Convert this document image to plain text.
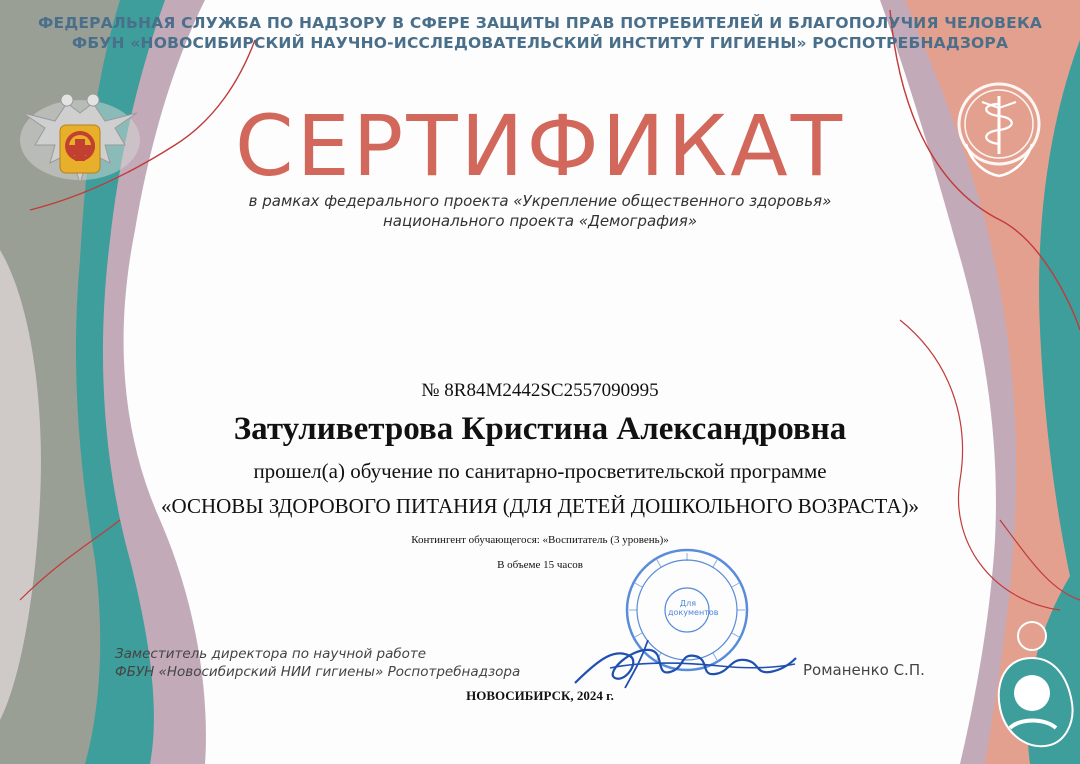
ФЕДЕРАЛЬНАЯ СЛУЖБА ПО НАДЗОРУ В СФЕРЕ ЗАЩИТЫ ПРАВ ПОТРЕБИТЕЛЕЙ И БЛАГОПОЛУЧИЯ ЧЕЛОВЕКА
ФБУН «НОВОСИБИРСКИЙ НАУЧНО-ИССЛЕДОВАТЕЛЬСКИЙ ИНСТИТУТ ГИГИЕНЫ» РОСПОТРЕБНАДЗОРА
СЕРТИФИКАТ
в рамках федерального проекта «Укрепление общественного здоровья»
национального проекта «Демография»
№ 8R84M2442SC2557090995
Затуливетрова Кристина Александровна
прошел(а) обучение по санитарно-просветительской программе
«ОСНОВЫ ЗДОРОВОГО ПИТАНИЯ (ДЛЯ ДЕТЕЙ ДОШКОЛЬНОГО ВОЗРАСТА)»
Контингент обучающегося: «Воспитатель (3 уровень)»
В объеме 15 часов
Для документов
Заместитель директора по научной работе
ФБУН «Новосибирский НИИ гигиены» Роспотребнадзора	Романенко С.П.
НОВОСИБИРСК, 2024 г.
